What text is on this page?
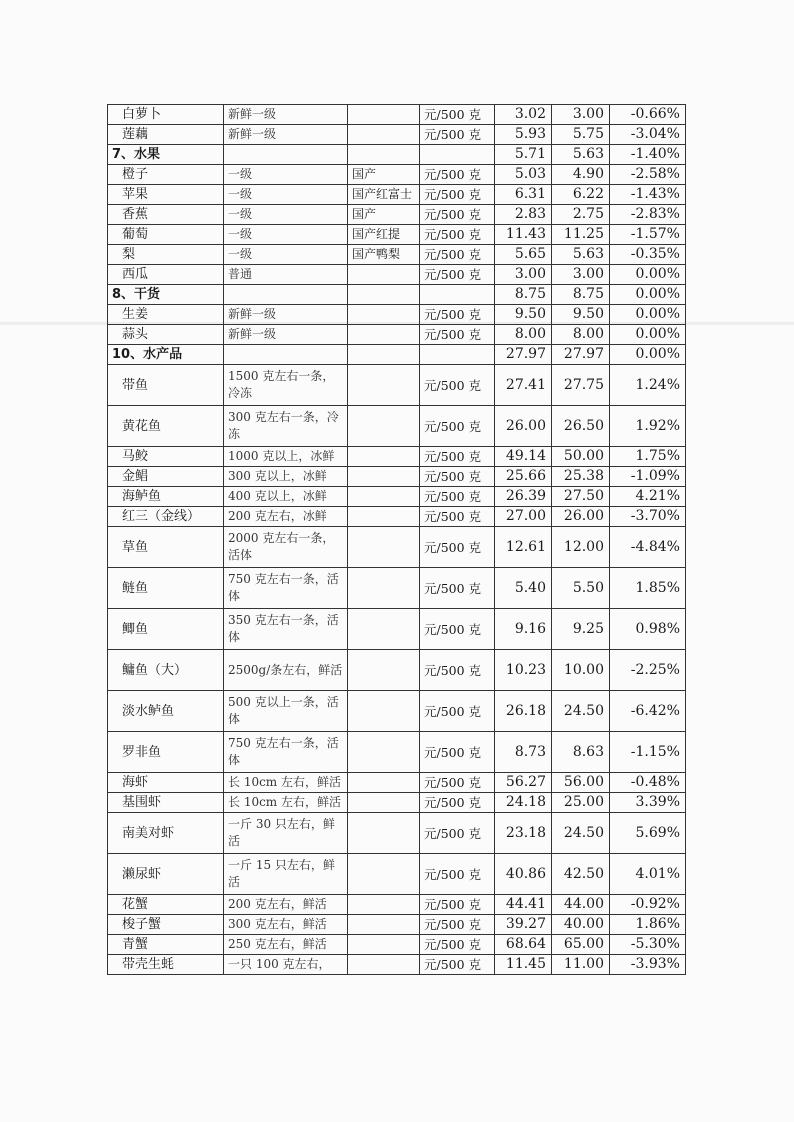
白萝卜	新鲜一级		元/500 克	3.02	3.00	-0.66%
莲藕	新鲜一级		元/500 克	5.93	5.75	-3.04%
7、水果				5.71	5.63	-1.40%
橙子	一级	国产	元/500 克	5.03	4.90	-2.58%
苹果	一级	国产红富士	元/500 克	6.31	6.22	-1.43%
香蕉	一级	国产	元/500 克	2.83	2.75	-2.83%
葡萄	一级	国产红提	元/500 克	11.43	11.25	-1.57%
梨	一级	国产鸭梨	元/500 克	5.65	5.63	-0.35%
西瓜	普通		元/500 克	3.00	3.00	0.00%
8、干货				8.75	8.75	0.00%
生姜	新鲜一级		元/500 克	9.50	9.50	0.00%
蒜头	新鲜一级		元/500 克	8.00	8.00	0.00%
10、水产品				27.97	27.97	0.00%
带鱼	1500 克左右一条，冷冻		元/500 克	27.41	27.75	1.24%
黄花鱼	300 克左右一条，冷冻		元/500 克	26.00	26.50	1.92%
马鲛	1000 克以上，冰鲜		元/500 克	49.14	50.00	1.75%
金鲳	300 克以上，冰鲜		元/500 克	25.66	25.38	-1.09%
海鲈鱼	400 克以上，冰鲜		元/500 克	26.39	27.50	4.21%
红三（金线）	200 克左右，冰鲜		元/500 克	27.00	26.00	-3.70%
草鱼	2000 克左右一条，活体		元/500 克	12.61	12.00	-4.84%
鲢鱼	750 克左右一条，活体		元/500 克	5.40	5.50	1.85%
鲫鱼	350 克左右一条，活体		元/500 克	9.16	9.25	0.98%
鳙鱼（大）	2500g/条左右，鲜活		元/500 克	10.23	10.00	-2.25%
淡水鲈鱼	500 克以上一条，活体		元/500 克	26.18	24.50	-6.42%
罗非鱼	750 克左右一条，活体		元/500 克	8.73	8.63	-1.15%
海虾	长 10cm 左右，鲜活		元/500 克	56.27	56.00	-0.48%
基围虾	长 10cm 左右，鲜活		元/500 克	24.18	25.00	3.39%
南美对虾	一斤 30 只左右，鲜活		元/500 克	23.18	24.50	5.69%
濑尿虾	一斤 15 只左右，鲜活		元/500 克	40.86	42.50	4.01%
花蟹	200 克左右，鲜活		元/500 克	44.41	44.00	-0.92%
梭子蟹	300 克左右，鲜活		元/500 克	39.27	40.00	1.86%
青蟹	250 克左右，鲜活		元/500 克	68.64	65.00	-5.30%
带壳生蚝	一只 100 克左右，		元/500 克	11.45	11.00	-3.93%
